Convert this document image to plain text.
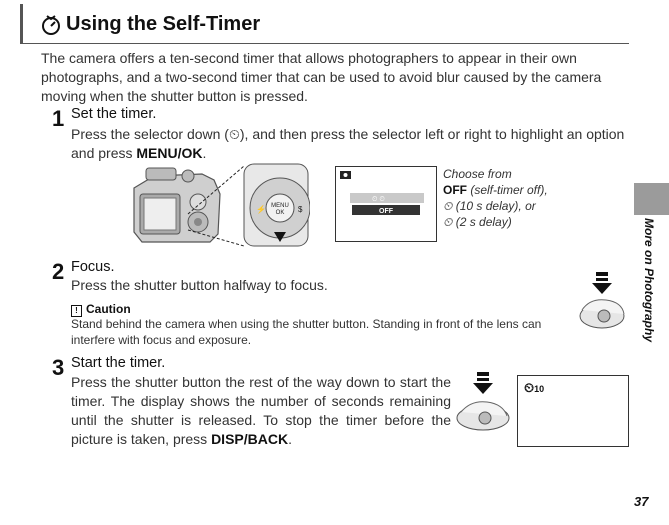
Using the Self-Timer
The camera offers a ten-second timer that allows photographers to appear in their own photographs, and a two-second timer that can be used to avoid blur caused by the camera moving when the shutter button is pressed.
1 Set the timer.
Press the selector down (⏲), and then press the selector left or right to highlight an option and press MENU/OK.
MENU
OK
⚡	$
⏲ ⏲
OFF
Choose from
OFF (self-timer off),
⏲ (10 s delay), or
⏲ (2 s delay)
2 Focus.
Press the shutter button halfway to focus.
! Caution
Stand behind the camera when using the shutter button. Standing in front of the lens can interfere with focus and exposure.
3 Start the timer.
Press the shutter button the rest of the way down to start the timer. The display shows the number of seconds remaining until the shutter is released. To stop the timer before the picture is taken, press DISP/BACK.
⏲10
More on Photography
37
